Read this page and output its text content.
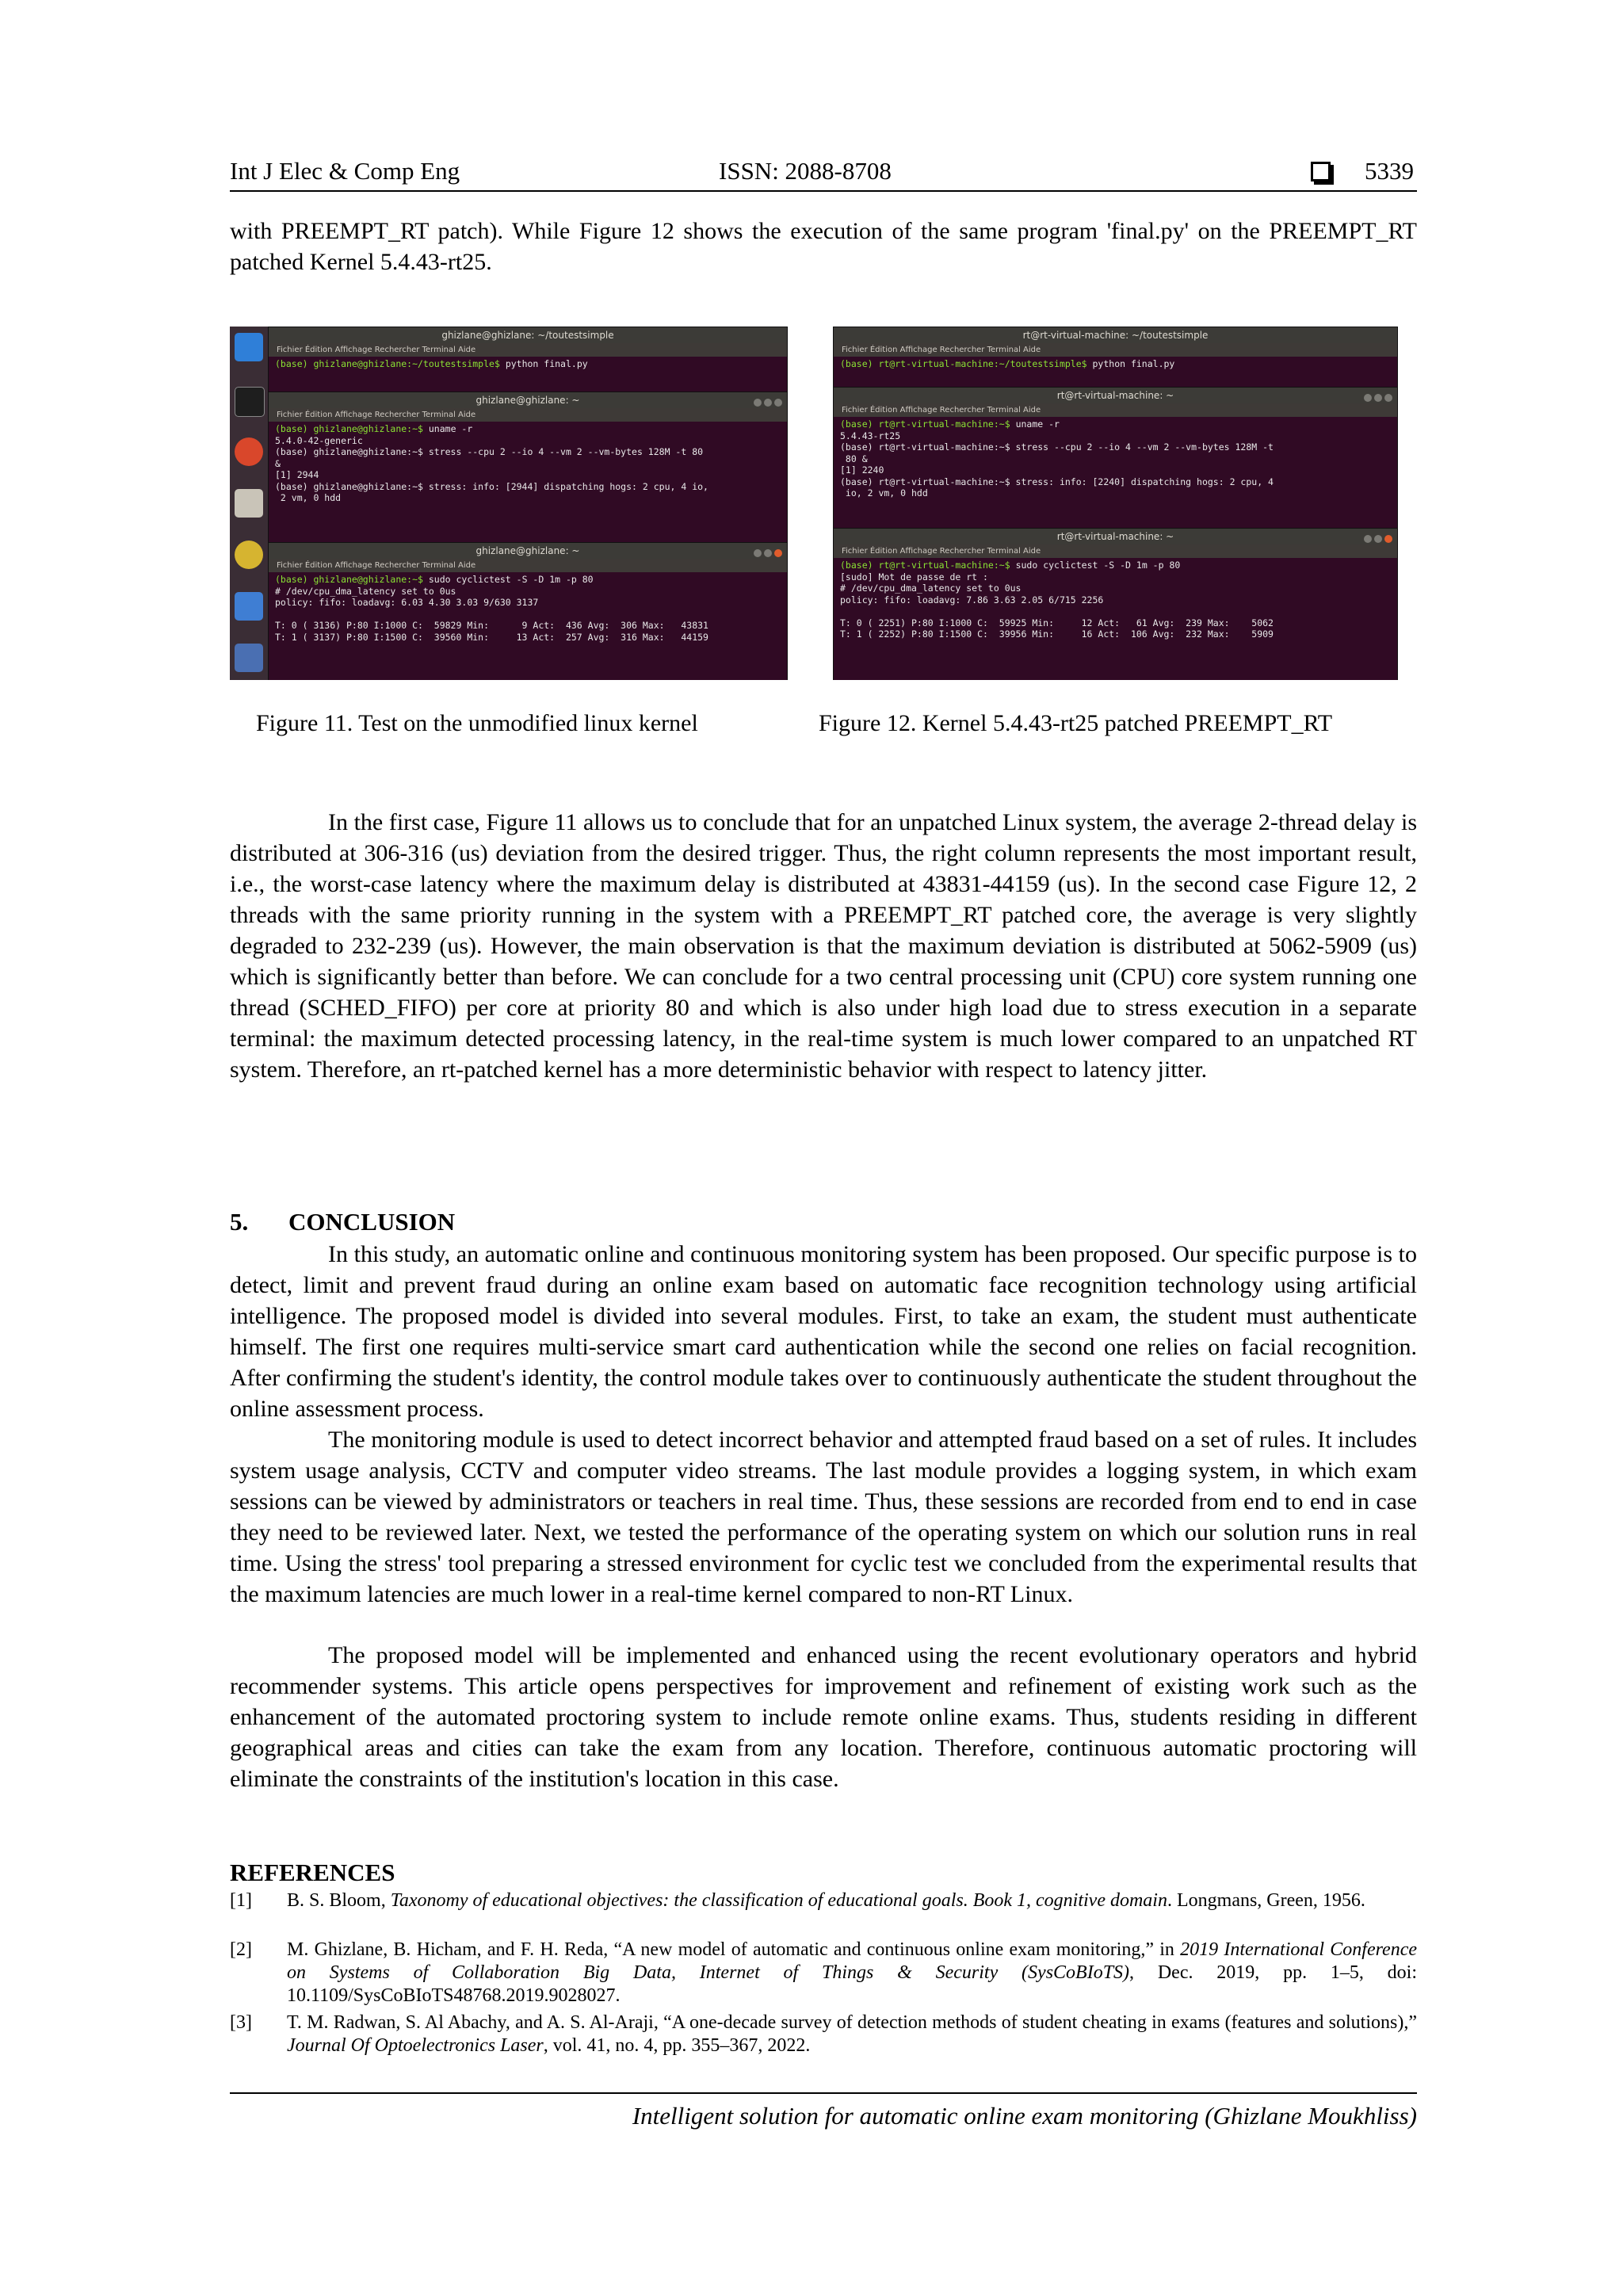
Int J Elec & Comp Eng	ISSN: 2088-8708	5339

with PREEMPT_RT patch). While Figure 12 shows the execution of the same program 'final.py' on the PREEMPT_RT patched Kernel 5.4.43-rt25.

ghizlane@ghizlane: ~/toutestsimple
Fichier Édition Affichage Rechercher Terminal Aide
(base) ghizlane@ghizlane:~/toutestsimple$ python final.py
ghizlane@ghizlane: ~
Fichier Édition Affichage Rechercher Terminal Aide
(base) ghizlane@ghizlane:~$ uname -r
5.4.0-42-generic
(base) ghizlane@ghizlane:~$ stress --cpu 2 --io 4 --vm 2 --vm-bytes 128M -t 80
&
[1] 2944
(base) ghizlane@ghizlane:~$ stress: info: [2944] dispatching hogs: 2 cpu, 4 io,
2 vm, 0 hdd
ghizlane@ghizlane: ~
Fichier Édition Affichage Rechercher Terminal Aide
(base) ghizlane@ghizlane:~$ sudo cyclictest -S -D 1m -p 80
# /dev/cpu_dma_latency set to 0us
policy: fifo: loadavg: 6.03 4.30 3.03 9/630 3137

T: 0 ( 3136) P:80 I:1000 C:  59829 Min:      9 Act:  436 Avg:  306 Max:   43831
T: 1 ( 3137) P:80 I:1500 C:  39560 Min:     13 Act:  257 Avg:  316 Max:   44159
rt@rt-virtual-machine: ~/toutestsimple
Fichier Édition Affichage Rechercher Terminal Aide
(base) rt@rt-virtual-machine:~/toutestsimple$ python final.py
rt@rt-virtual-machine: ~
Fichier Édition Affichage Rechercher Terminal Aide
(base) rt@rt-virtual-machine:~$ uname -r
5.4.43-rt25
(base) rt@rt-virtual-machine:~$ stress --cpu 2 --io 4 --vm 2 --vm-bytes 128M -t
80 &
[1] 2240
(base) rt@rt-virtual-machine:~$ stress: info: [2240] dispatching hogs: 2 cpu, 4
io, 2 vm, 0 hdd
rt@rt-virtual-machine: ~
Fichier Édition Affichage Rechercher Terminal Aide
(base) rt@rt-virtual-machine:~$ sudo cyclictest -S -D 1m -p 80
[sudo] Mot de passe de rt :
# /dev/cpu_dma_latency set to 0us
policy: fifo: loadavg: 7.86 3.63 2.05 6/715 2256

T: 0 ( 2251) P:80 I:1000 C:  59925 Min:     12 Act:   61 Avg:  239 Max:    5062
T: 1 ( 2252) P:80 I:1500 C:  39956 Min:     16 Act:  106 Avg:  232 Max:    5909
Figure 11. Test on the unmodified linux kernel	Figure 12. Kernel 5.4.43-rt25 patched PREEMPT_RT

In the first case, Figure 11 allows us to conclude that for an unpatched Linux system, the average 2-thread delay is distributed at 306-316 (us) deviation from the desired trigger. Thus, the right column represents the most important result, i.e., the worst-case latency where the maximum delay is distributed at 43831-44159 (us). In the second case Figure 12, 2 threads with the same priority running in the system with a PREEMPT_RT patched core, the average is very slightly degraded to 232-239 (us). However, the main observation is that the maximum deviation is distributed at 5062-5909 (us) which is significantly better than before. We can conclude for a two central processing unit (CPU) core system running one thread (SCHED_FIFO) per core at priority 80 and which is also under high load due to stress execution in a separate terminal: the maximum detected processing latency, in the real-time system is much lower compared to an unpatched RT system. Therefore, an rt-patched kernel has a more deterministic behavior with respect to latency jitter.

5. CONCLUSION

In this study, an automatic online and continuous monitoring system has been proposed. Our specific purpose is to detect, limit and prevent fraud during an online exam based on automatic face recognition technology using artificial intelligence. The proposed model is divided into several modules. First, to take an exam, the student must authenticate himself. The first one requires multi-service smart card authentication while the second one relies on facial recognition. After confirming the student's identity, the control module takes over to continuously authenticate the student throughout the online assessment process.

The monitoring module is used to detect incorrect behavior and attempted fraud based on a set of rules. It includes system usage analysis, CCTV and computer video streams. The last module provides a logging system, in which exam sessions can be viewed by administrators or teachers in real time. Thus, these sessions are recorded from end to end in case they need to be reviewed later. Next, we tested the performance of the operating system on which our solution runs in real time. Using the stress' tool preparing a stressed environment for cyclic test we concluded from the experimental results that the maximum latencies are much lower in a real-time kernel compared to non-RT Linux.

The proposed model will be implemented and enhanced using the recent evolutionary operators and hybrid recommender systems. This article opens perspectives for improvement and refinement of existing work such as the enhancement of the automated proctoring system to include remote online exams. Thus, students residing in different geographical areas and cities can take the exam from any location. Therefore, continuous automatic proctoring will eliminate the constraints of the institution's location in this case.

REFERENCES
[1] B. S. Bloom, Taxonomy of educational objectives: the classification of educational goals. Book 1, cognitive domain. Longmans, Green, 1956.
[2] M. Ghizlane, B. Hicham, and F. H. Reda, “A new model of automatic and continuous online exam monitoring,” in 2019 International Conference on Systems of Collaboration Big Data, Internet of Things & Security (SysCoBIoTS), Dec. 2019, pp. 1–5, doi: 10.1109/SysCoBIoTS48768.2019.9028027.
[3] T. M. Radwan, S. Al Abachy, and A. S. Al-Araji, “A one-decade survey of detection methods of student cheating in exams (features and solutions),” Journal Of Optoelectronics Laser, vol. 41, no. 4, pp. 355–367, 2022.
Intelligent solution for automatic online exam monitoring (Ghizlane Moukhliss)
